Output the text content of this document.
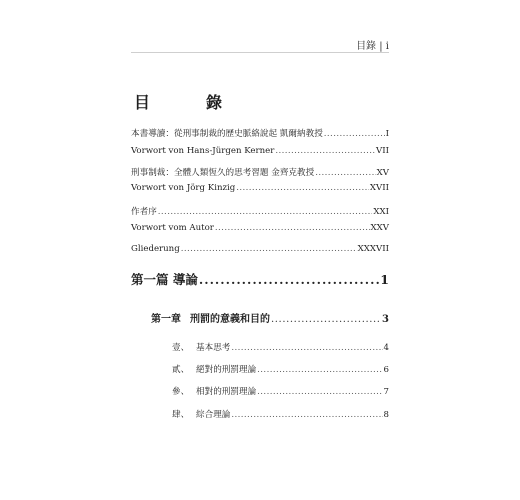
目錄 | i
目　錄
本書導讀：從刑事制裁的歷史脈絡說起 凱爾納教授 .....	I
Vorwort von Hans-Jürgen Kerner .....	VII
刑事制裁：全體人類恆久的思考習題 金齊克教授 .....	XV
Vorwort von Jörg Kinzig .....	XVII
作者序 .....	XXI
Vorwort vom Autor .....	XXV
Gliederung .....	XXXVII
第一篇 導論 .....	1
第一章 刑罰的意義和目的 .....	3
壹、 基本思考 .....	4
貳、 絕對的刑罰理論 .....	6
參、 相對的刑罰理論 .....	7
肆、 綜合理論 .....	8
